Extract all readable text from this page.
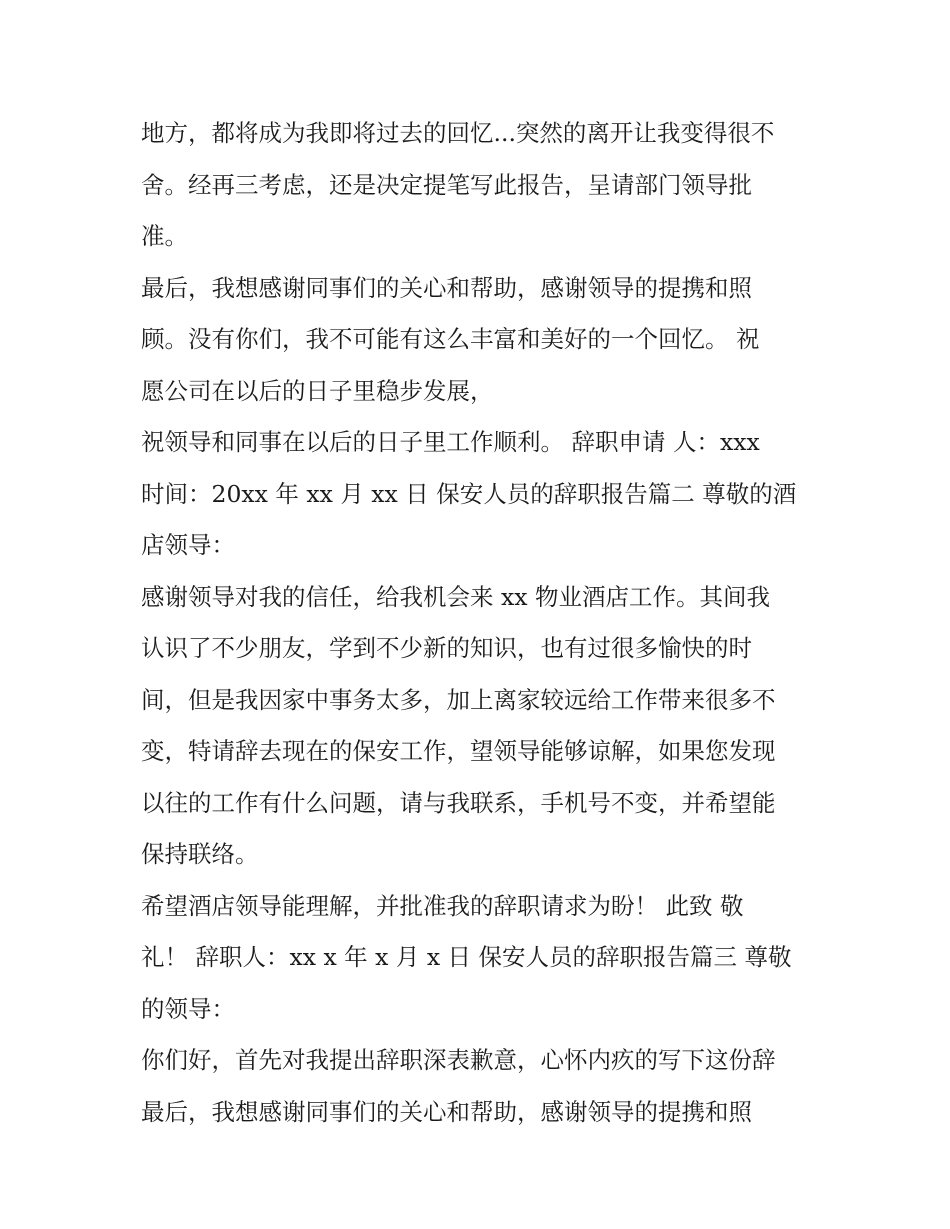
地方，都将成为我即将过去的回忆...突然的离开让我变得很不
舍。经再三考虑，还是决定提笔写此报告，呈请部门领导批
准。
最后，我想感谢同事们的关心和帮助，感谢领导的提携和照
顾。没有你们，我不可能有这么丰富和美好的一个回忆。 祝
愿公司在以后的日子里稳步发展，
祝领导和同事在以后的日子里工作顺利。 辞职申请 人：xxx
时间：20xx 年 xx 月 xx 日 保安人员的辞职报告篇二 尊敬的酒
店领导：
感谢领导对我的信任，给我机会来 xx 物业酒店工作。其间我
认识了不少朋友，学到不少新的知识，也有过很多愉快的时
间，但是我因家中事务太多，加上离家较远给工作带来很多不
变，特请辞去现在的保安工作，望领导能够谅解，如果您发现
以往的工作有什么问题，请与我联系，手机号不变，并希望能
保持联络。
希望酒店领导能理解，并批准我的辞职请求为盼！ 此致 敬
礼！ 辞职人：xx x 年 x 月 x 日 保安人员的辞职报告篇三 尊敬
的领导：
你们好，首先对我提出辞职深表歉意，心怀内疚的写下这份辞
最后，我想感谢同事们的关心和帮助，感谢领导的提携和照
